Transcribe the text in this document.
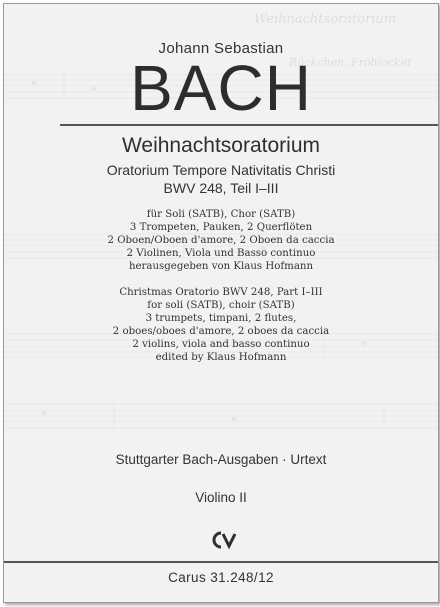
Weihnachtsoratorium
Rückchen, Fröhlocket
Johann Sebastian
BACH
Weihnachtsoratorium
Oratorium Tempore Nativitatis Christi
BWV 248, Teil I–III
für Soli (SATB), Chor (SATB)
3 Trompeten, Pauken, 2 Querflöten
2 Oboen/Oboen d'amore, 2 Oboen da caccia
2 Violinen, Viola und Basso continuo
herausgegeben von Klaus Hofmann
Christmas Oratorio BWV 248, Part I–III
for soli (SATB), choir (SATB)
3 trumpets, timpani, 2 flutes,
2 oboes/oboes d'amore, 2 oboes da caccia
2 violins, viola and basso continuo
edited by Klaus Hofmann
Stuttgarter Bach-Ausgaben · Urtext
Violino II
Carus 31.248/12
